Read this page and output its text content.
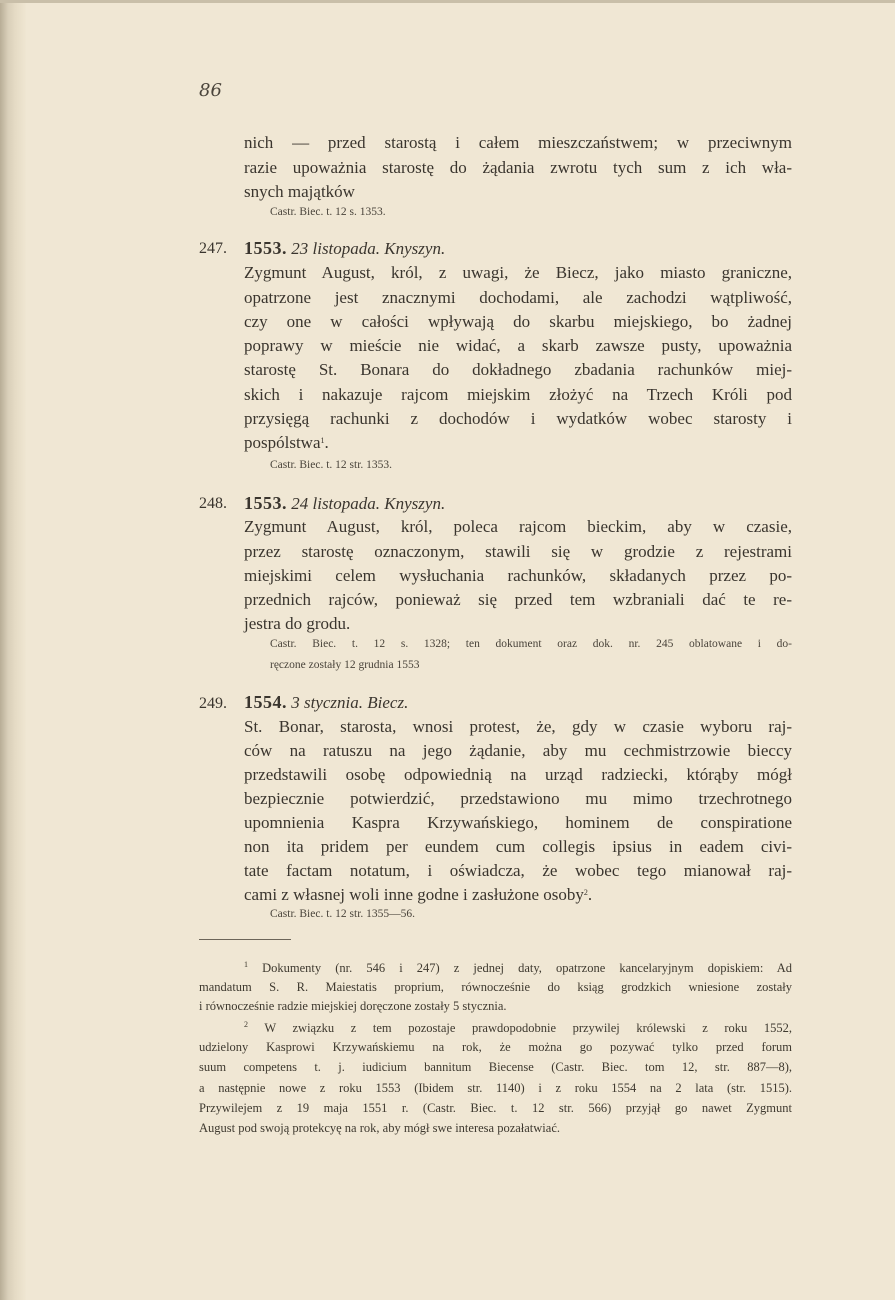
86
nich — przed starostą i całem mieszczaństwem; w przeciwnym
razie upoważnia starostę do żądania zwrotu tych sum z ich wła-
snych majątków
Castr. Biec. t. 12 s. 1353.
247. 1553. 23 listopada. Knyszyn.
Zygmunt August, król, z uwagi, że Biecz, jako miasto graniczne,
opatrzone jest znacznymi dochodami, ale zachodzi wątpliwość,
czy one w całości wpływają do skarbu miejskiego, bo żadnej
poprawy w mieście nie widać, a skarb zawsze pusty, upoważnia
starostę St. Bonara do dokładnego zbadania rachunków miej-
skich i nakazuje rajcom miejskim złożyć na Trzech Króli pod
przysięgą rachunki z dochodów i wydatków wobec starosty i
pospólstwa$^1$.
Castr. Biec. t. 12 str. 1353.
248. 1553. 24 listopada. Knyszyn.
Zygmunt August, król, poleca rajcom bieckim, aby w czasie,
przez starostę oznaczonym, stawili się w grodzie z rejestrami
miejskimi celem wysłuchania rachunków, składanych przez po-
przednich rajców, ponieważ się przed tem wzbraniali dać te re-
jestra do grodu.
Castr. Biec. t. 12 s. 1328; ten dokument oraz dok. nr. 245 oblatowane i do-
ręczone zostały 12 grudnia 1553
249. 1554. 3 stycznia. Biecz.
St. Bonar, starosta, wnosi protest, że, gdy w czasie wyboru raj-
ców na ratuszu na jego żądanie, aby mu cechmistrzowie bieccy
przedstawili osobę odpowiednią na urząd radziecki, którąby mógł
bezpiecznie potwierdzić, przedstawiono mu mimo trzechrotnego
upomnienia Kaspra Krzywańskiego, hominem de conspiratione
non ita pridem per eundem cum collegis ipsius in eadem civi-
tate factam notatum, i oświadcza, że wobec tego mianował raj-
cami z własnej woli inne godne i zasłużone osoby$^2$.
Castr. Biec. t. 12 str. 1355—56.
$^1$ Dokumenty (nr. 546 i 247) z jednej daty, opatrzone kancelaryjnym dopiskiem: Ad
mandatum S. R. Maiestatis proprium, równocześnie do ksiąg grodzkich wniesione zostały
i równocześnie radzie miejskiej doręczone zostały 5 stycznia.
$^2$ W związku z tem pozostaje prawdopodobnie przywilej królewski z roku 1552,
udzielony Kasprowi Krzywańskiemu na rok, że można go pozywać tylko przed forum
suum competens t. j. iudicium bannitum Biecense (Castr. Biec. tom 12, str. 887—8),
a następnie nowe z roku 1553 (Ibidem str. 1140) i z roku 1554 na 2 lata (str. 1515).
Przywilejem z 19 maja 1551 r. (Castr. Biec. t. 12 str. 566) przyjął go nawet Zygmunt
August pod swoją protekcyę na rok, aby mógł swe interesa pozałatwiać.
